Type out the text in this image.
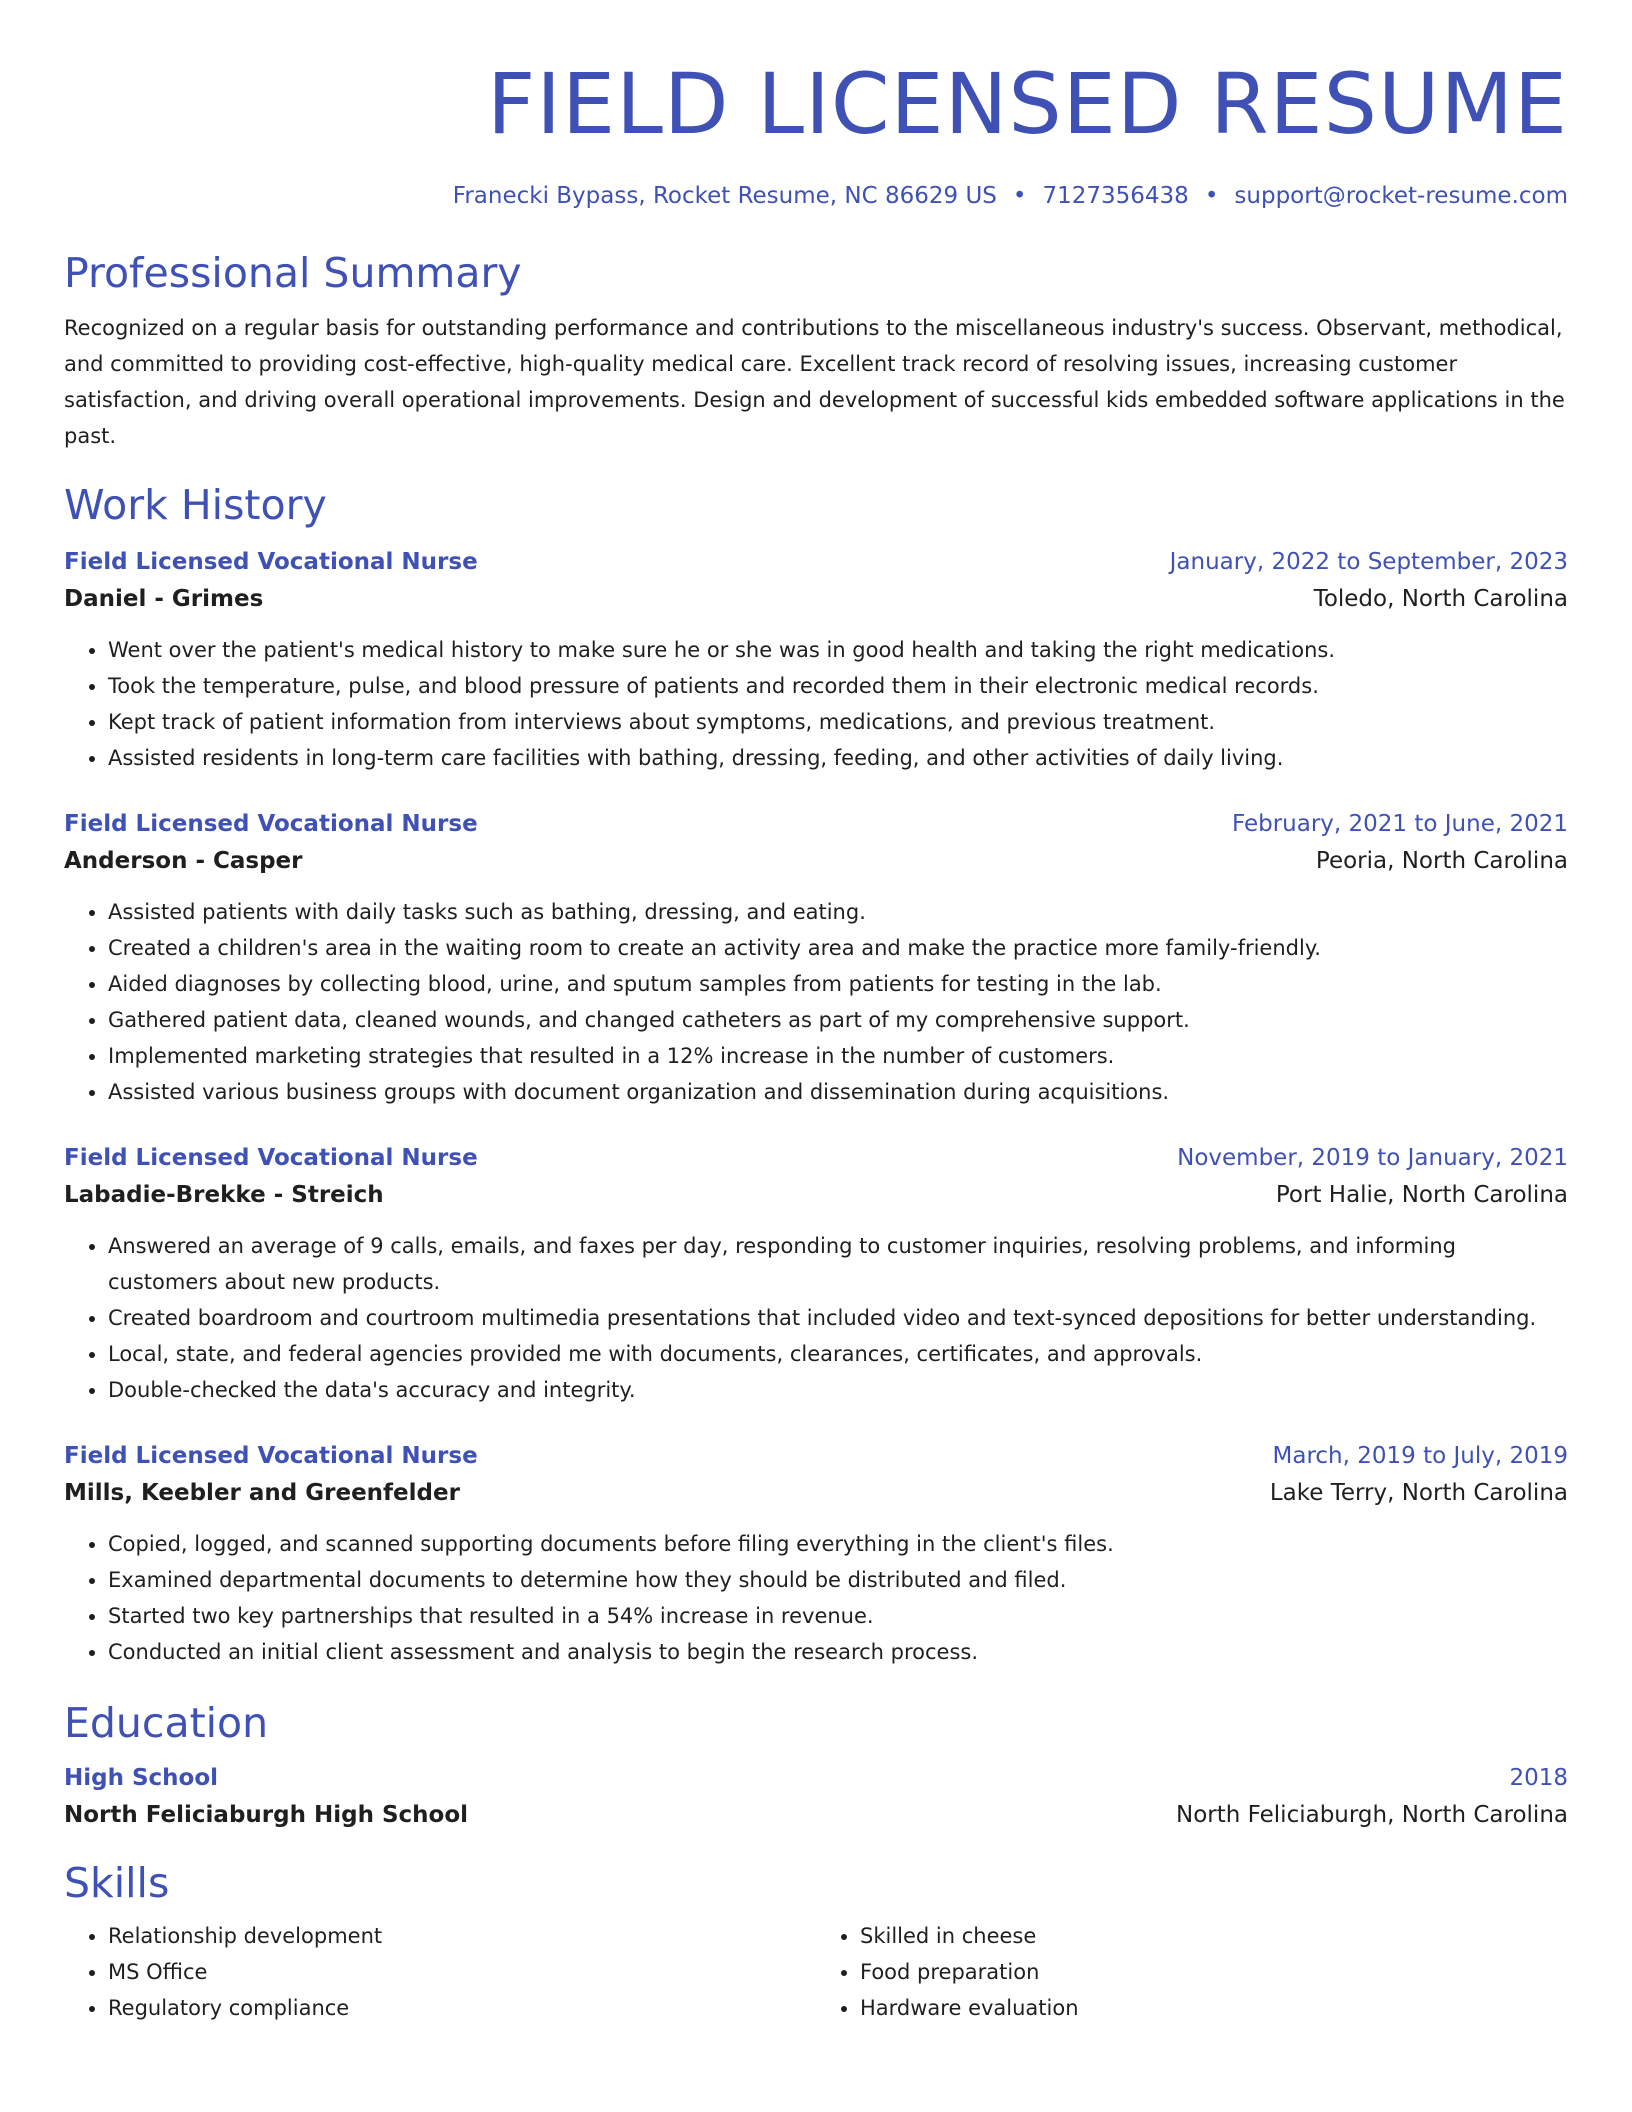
FIELD LICENSED RESUME
Franecki Bypass, Rocket Resume, NC 86629 US • 7127356438 • support@rocket-resume.com
Professional Summary
Recognized on a regular basis for outstanding performance and contributions to the miscellaneous industry's success. Observant, methodical, and committed to providing cost-effective, high-quality medical care. Excellent track record of resolving issues, increasing customer satisfaction, and driving overall operational improvements. Design and development of successful kids embedded software applications in the past.
Work History
Field Licensed Vocational Nurse	January, 2022 to September, 2023
Daniel - Grimes	Toledo, North Carolina
• Went over the patient's medical history to make sure he or she was in good health and taking the right medications.
• Took the temperature, pulse, and blood pressure of patients and recorded them in their electronic medical records.
• Kept track of patient information from interviews about symptoms, medications, and previous treatment.
• Assisted residents in long-term care facilities with bathing, dressing, feeding, and other activities of daily living.
Field Licensed Vocational Nurse	February, 2021 to June, 2021
Anderson - Casper	Peoria, North Carolina
• Assisted patients with daily tasks such as bathing, dressing, and eating.
• Created a children's area in the waiting room to create an activity area and make the practice more family-friendly.
• Aided diagnoses by collecting blood, urine, and sputum samples from patients for testing in the lab.
• Gathered patient data, cleaned wounds, and changed catheters as part of my comprehensive support.
• Implemented marketing strategies that resulted in a 12% increase in the number of customers.
• Assisted various business groups with document organization and dissemination during acquisitions.
Field Licensed Vocational Nurse	November, 2019 to January, 2021
Labadie-Brekke - Streich	Port Halie, North Carolina
• Answered an average of 9 calls, emails, and faxes per day, responding to customer inquiries, resolving problems, and informing customers about new products.
• Created boardroom and courtroom multimedia presentations that included video and text-synced depositions for better understanding.
• Local, state, and federal agencies provided me with documents, clearances, certificates, and approvals.
• Double-checked the data's accuracy and integrity.
Field Licensed Vocational Nurse	March, 2019 to July, 2019
Mills, Keebler and Greenfelder	Lake Terry, North Carolina
• Copied, logged, and scanned supporting documents before filing everything in the client's files.
• Examined departmental documents to determine how they should be distributed and filed.
• Started two key partnerships that resulted in a 54% increase in revenue.
• Conducted an initial client assessment and analysis to begin the research process.
Education
High School	2018
North Feliciaburgh High School	North Feliciaburgh, North Carolina
Skills
• Relationship development
• MS Office
• Regulatory compliance
• Skilled in cheese
• Food preparation
• Hardware evaluation
